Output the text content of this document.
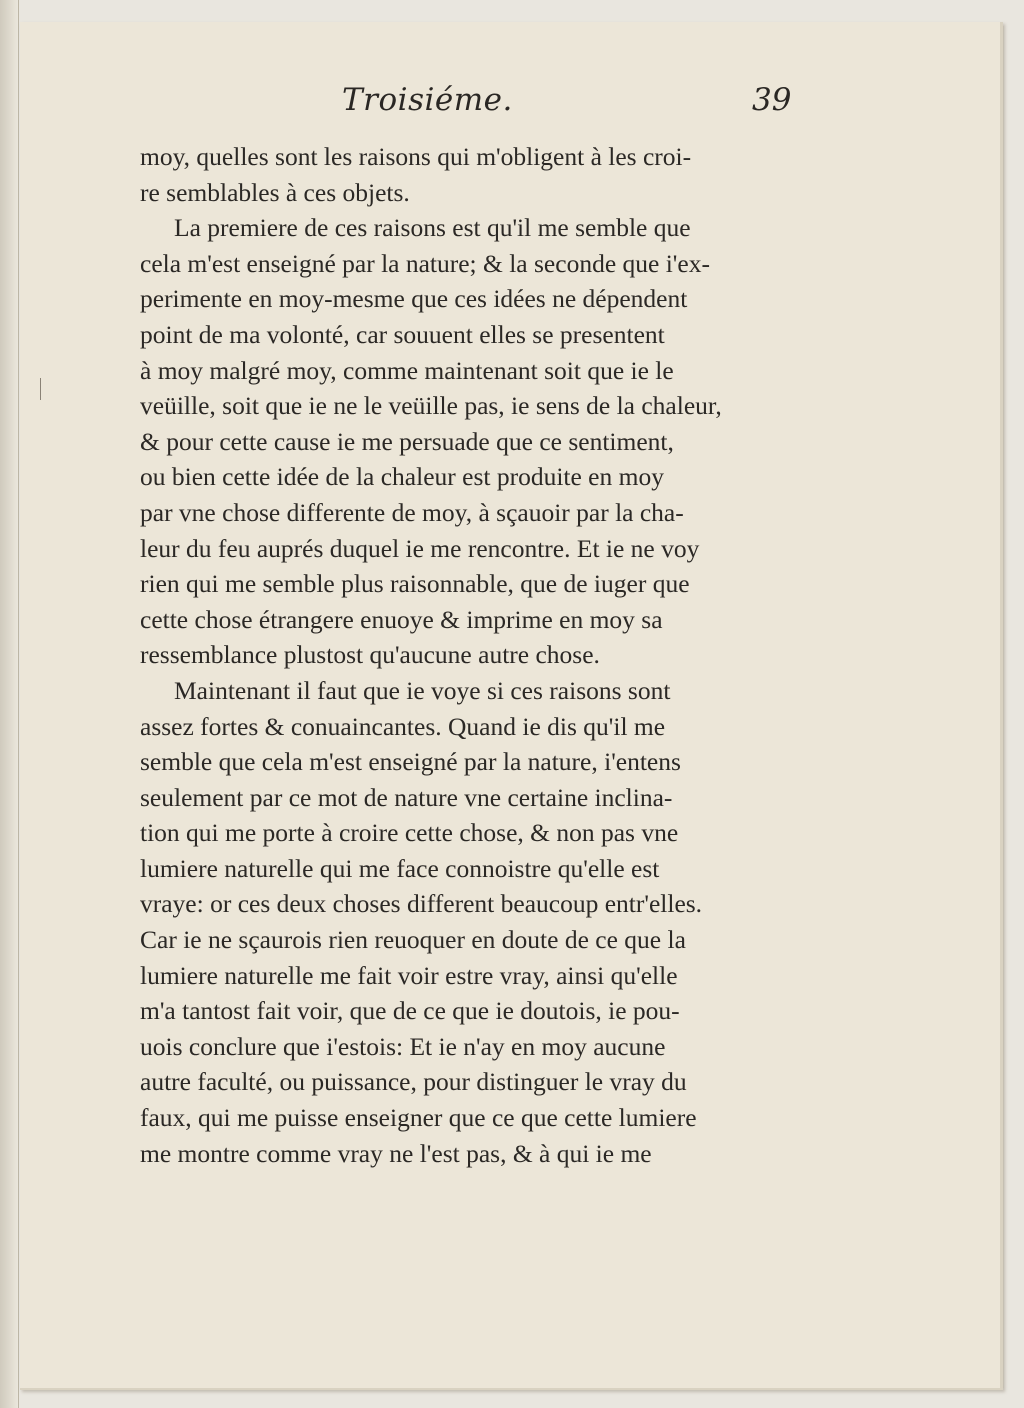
Troisiéme.	39
moy, quelles sont les raisons qui m'obligent à les croi-
re semblables à ces objets.
La premiere de ces raisons est qu'il me semble que
cela m'est enseigné par la nature; & la seconde que i'ex-
perimente en moy-mesme que ces idées ne dépendent
point de ma volonté, car souuent elles se presentent
à moy malgré moy, comme maintenant soit que ie le
veüille, soit que ie ne le veüille pas, ie sens de la chaleur,
& pour cette cause ie me persuade que ce sentiment,
ou bien cette idée de la chaleur est produite en moy
par vne chose differente de moy, à sçauoir par la cha-
leur du feu auprés duquel ie me rencontre. Et ie ne voy
rien qui me semble plus raisonnable, que de iuger que
cette chose étrangere enuoye & imprime en moy sa
ressemblance plustost qu'aucune autre chose.
Maintenant il faut que ie voye si ces raisons sont
assez fortes & conuaincantes. Quand ie dis qu'il me
semble que cela m'est enseigné par la nature, i'entens
seulement par ce mot de nature vne certaine inclina-
tion qui me porte à croire cette chose, & non pas vne
lumiere naturelle qui me face connoistre qu'elle est
vraye: or ces deux choses different beaucoup entr'elles.
Car ie ne sçaurois rien reuoquer en doute de ce que la
lumiere naturelle me fait voir estre vray, ainsi qu'elle
m'a tantost fait voir, que de ce que ie doutois, ie pou-
uois conclure que i'estois: Et ie n'ay en moy aucune
autre faculté, ou puissance, pour distinguer le vray du
faux, qui me puisse enseigner que ce que cette lumiere
me montre comme vray ne l'est pas, & à qui ie me
